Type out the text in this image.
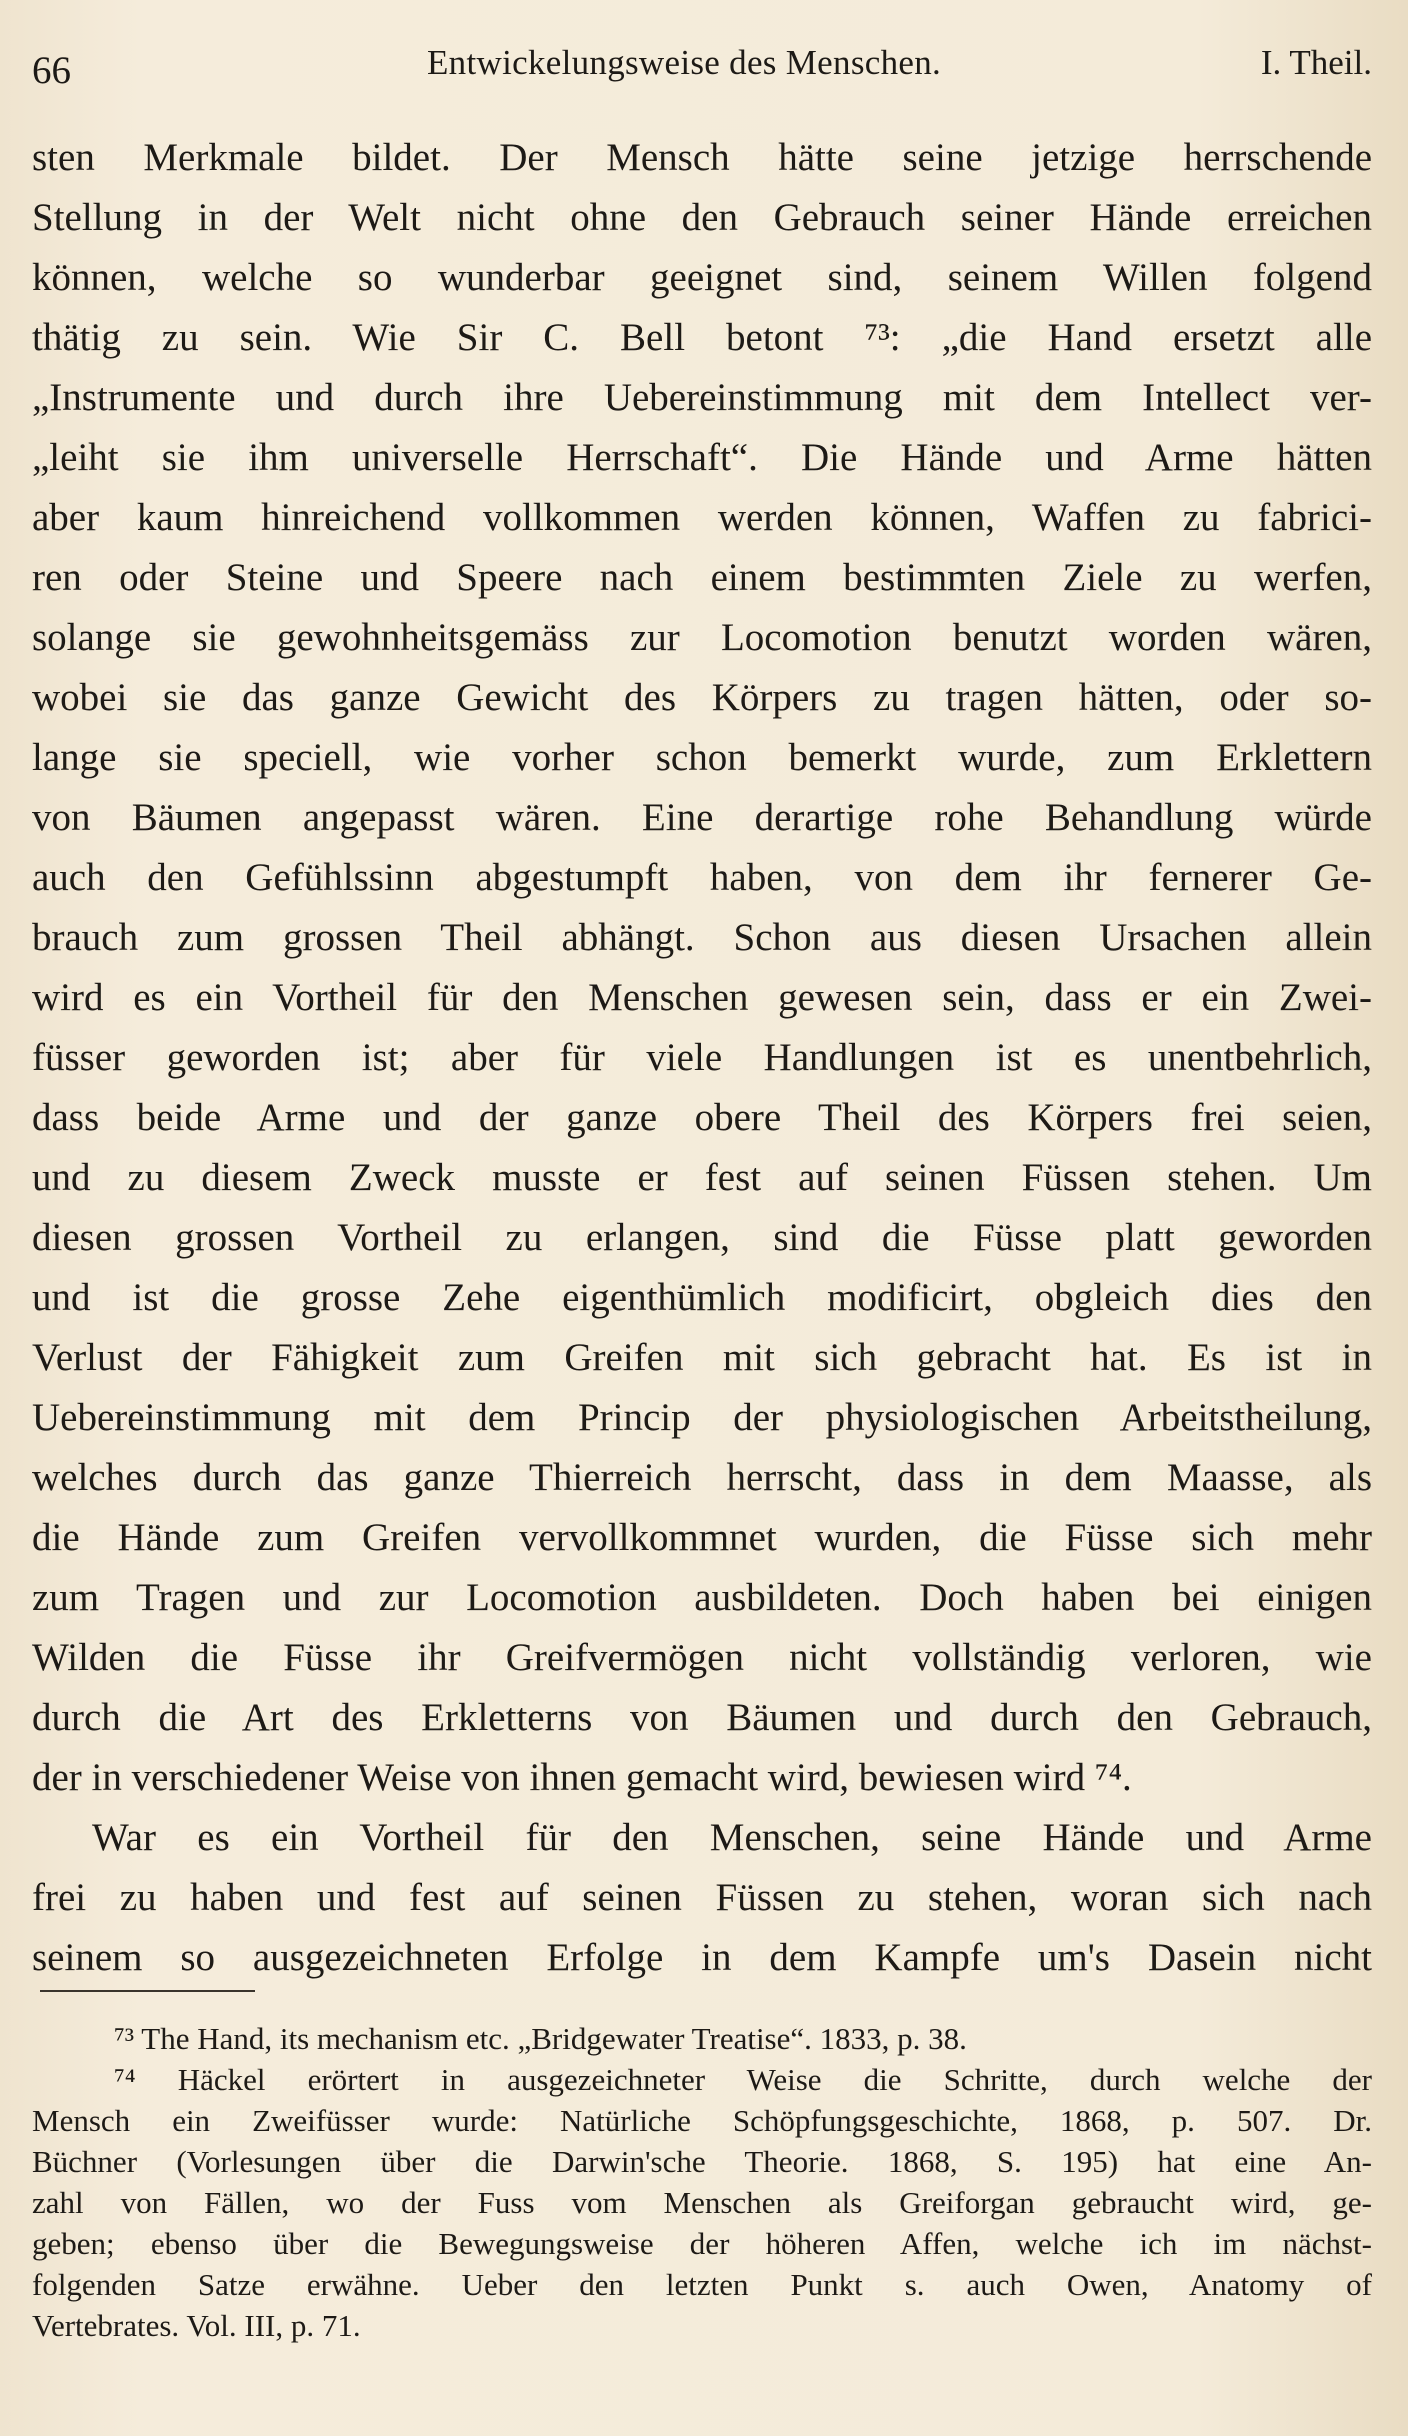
66	Entwickelungsweise des Menschen.	I. Theil.
sten Merkmale bildet. Der Mensch hätte seine jetzige herrschende
Stellung in der Welt nicht ohne den Gebrauch seiner Hände erreichen
können, welche so wunderbar geeignet sind, seinem Willen folgend
thätig zu sein. Wie Sir C. Bell betont ⁷³: „die Hand ersetzt alle
„Instrumente und durch ihre Uebereinstimmung mit dem Intellect ver-
„leiht sie ihm universelle Herrschaft“. Die Hände und Arme hätten
aber kaum hinreichend vollkommen werden können, Waffen zu fabrici-
ren oder Steine und Speere nach einem bestimmten Ziele zu werfen,
solange sie gewohnheitsgemäss zur Locomotion benutzt worden wären,
wobei sie das ganze Gewicht des Körpers zu tragen hätten, oder so-
lange sie speciell, wie vorher schon bemerkt wurde, zum Erklettern
von Bäumen angepasst wären. Eine derartige rohe Behandlung würde
auch den Gefühlssinn abgestumpft haben, von dem ihr fernerer Ge-
brauch zum grossen Theil abhängt. Schon aus diesen Ursachen allein
wird es ein Vortheil für den Menschen gewesen sein, dass er ein Zwei-
füsser geworden ist; aber für viele Handlungen ist es unentbehrlich,
dass beide Arme und der ganze obere Theil des Körpers frei seien,
und zu diesem Zweck musste er fest auf seinen Füssen stehen. Um
diesen grossen Vortheil zu erlangen, sind die Füsse platt geworden
und ist die grosse Zehe eigenthümlich modificirt, obgleich dies den
Verlust der Fähigkeit zum Greifen mit sich gebracht hat. Es ist in
Uebereinstimmung mit dem Princip der physiologischen Arbeitstheilung,
welches durch das ganze Thierreich herrscht, dass in dem Maasse, als
die Hände zum Greifen vervollkommnet wurden, die Füsse sich mehr
zum Tragen und zur Locomotion ausbildeten. Doch haben bei einigen
Wilden die Füsse ihr Greifvermögen nicht vollständig verloren, wie
durch die Art des Erkletterns von Bäumen und durch den Gebrauch,
der in verschiedener Weise von ihnen gemacht wird, bewiesen wird ⁷⁴.
War es ein Vortheil für den Menschen, seine Hände und Arme
frei zu haben und fest auf seinen Füssen zu stehen, woran sich nach
seinem so ausgezeichneten Erfolge in dem Kampfe um's Dasein nicht
⁷³ The Hand, its mechanism etc. „Bridgewater Treatise“. 1833, p. 38.
⁷⁴ Häckel erörtert in ausgezeichneter Weise die Schritte, durch welche der
Mensch ein Zweifüsser wurde: Natürliche Schöpfungsgeschichte, 1868, p. 507. Dr.
Büchner (Vorlesungen über die Darwin'sche Theorie. 1868, S. 195) hat eine An-
zahl von Fällen, wo der Fuss vom Menschen als Greiforgan gebraucht wird, ge-
geben; ebenso über die Bewegungsweise der höheren Affen, welche ich im nächst-
folgenden Satze erwähne. Ueber den letzten Punkt s. auch Owen, Anatomy of
Vertebrates. Vol. III, p. 71.
